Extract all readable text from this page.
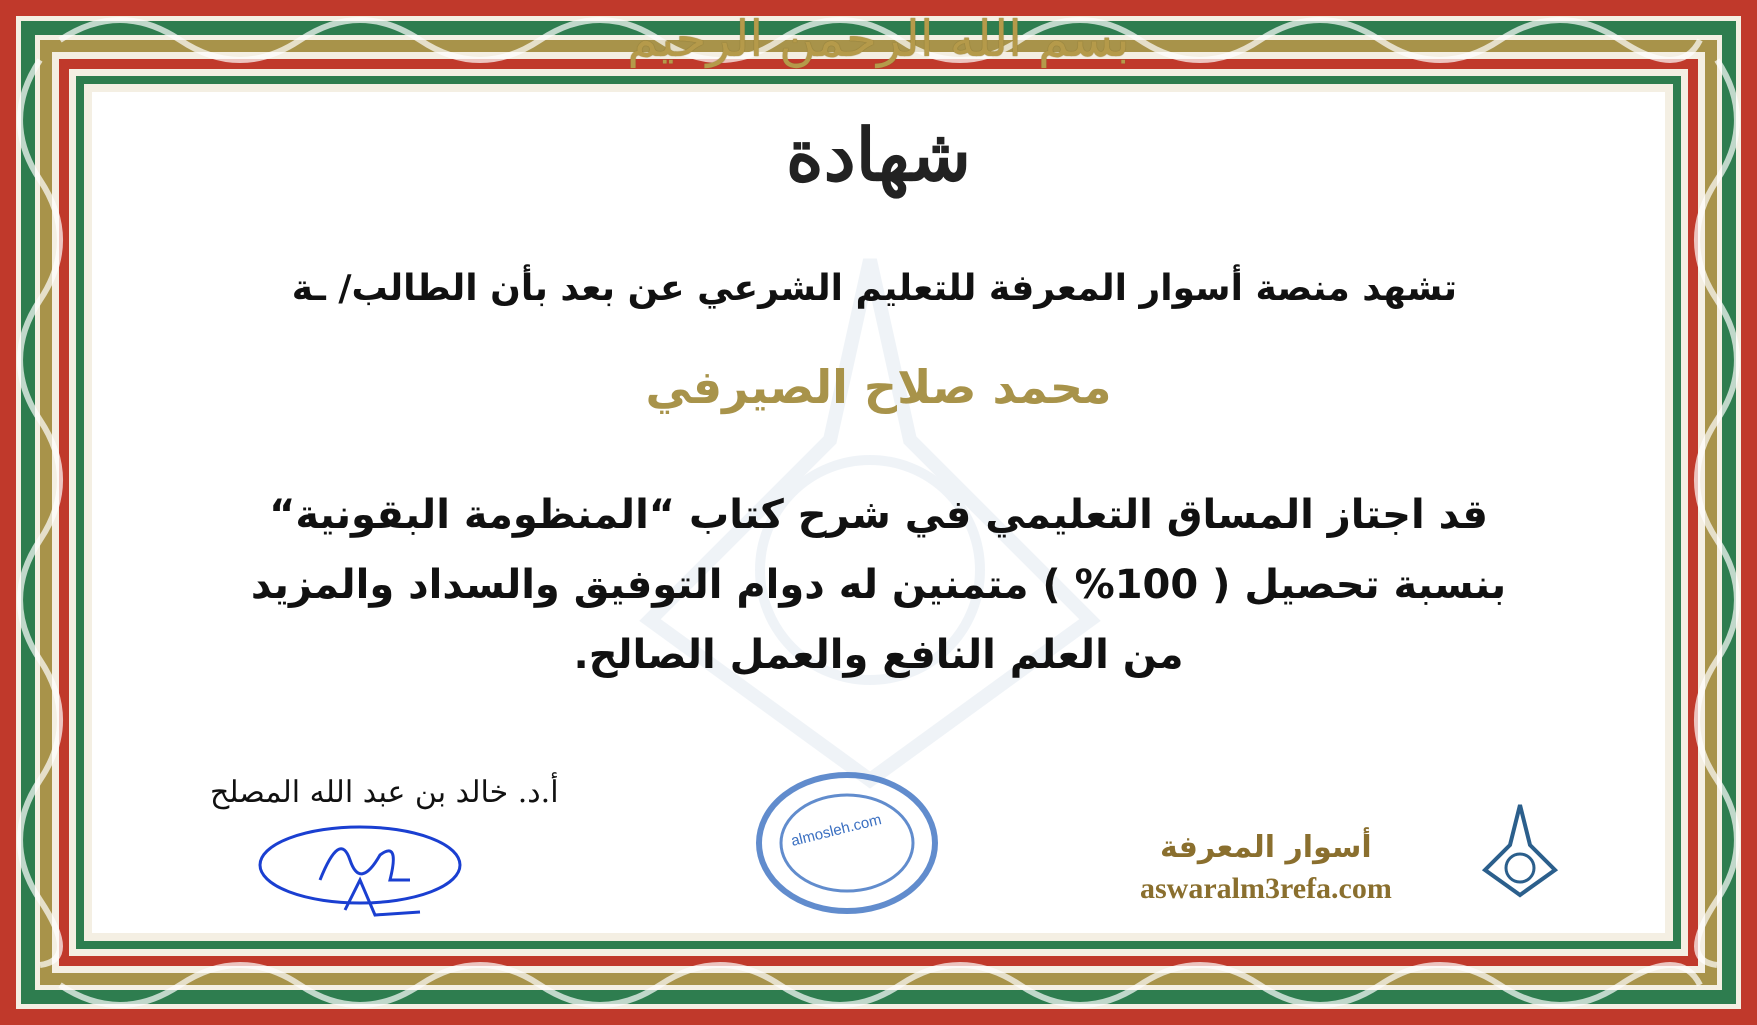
بسم الله الرحمن الرحيم
شهادة
تشهد منصة أسوار المعرفة للتعليم الشرعي عن بعد بأن الطالب/ ـة
محمد صلاح الصيرفي
قد اجتاز المساق التعليمي في شرح كتاب “المنظومة البقونية“
بنسبة تحصيل ( 100% ) متمنين له دوام التوفيق والسداد والمزيد
من العلم النافع والعمل الصالح.
أ.د. خالد بن عبد الله المصلح
almosleh.com	أسوار المعرفة
aswaralm3refa.com
